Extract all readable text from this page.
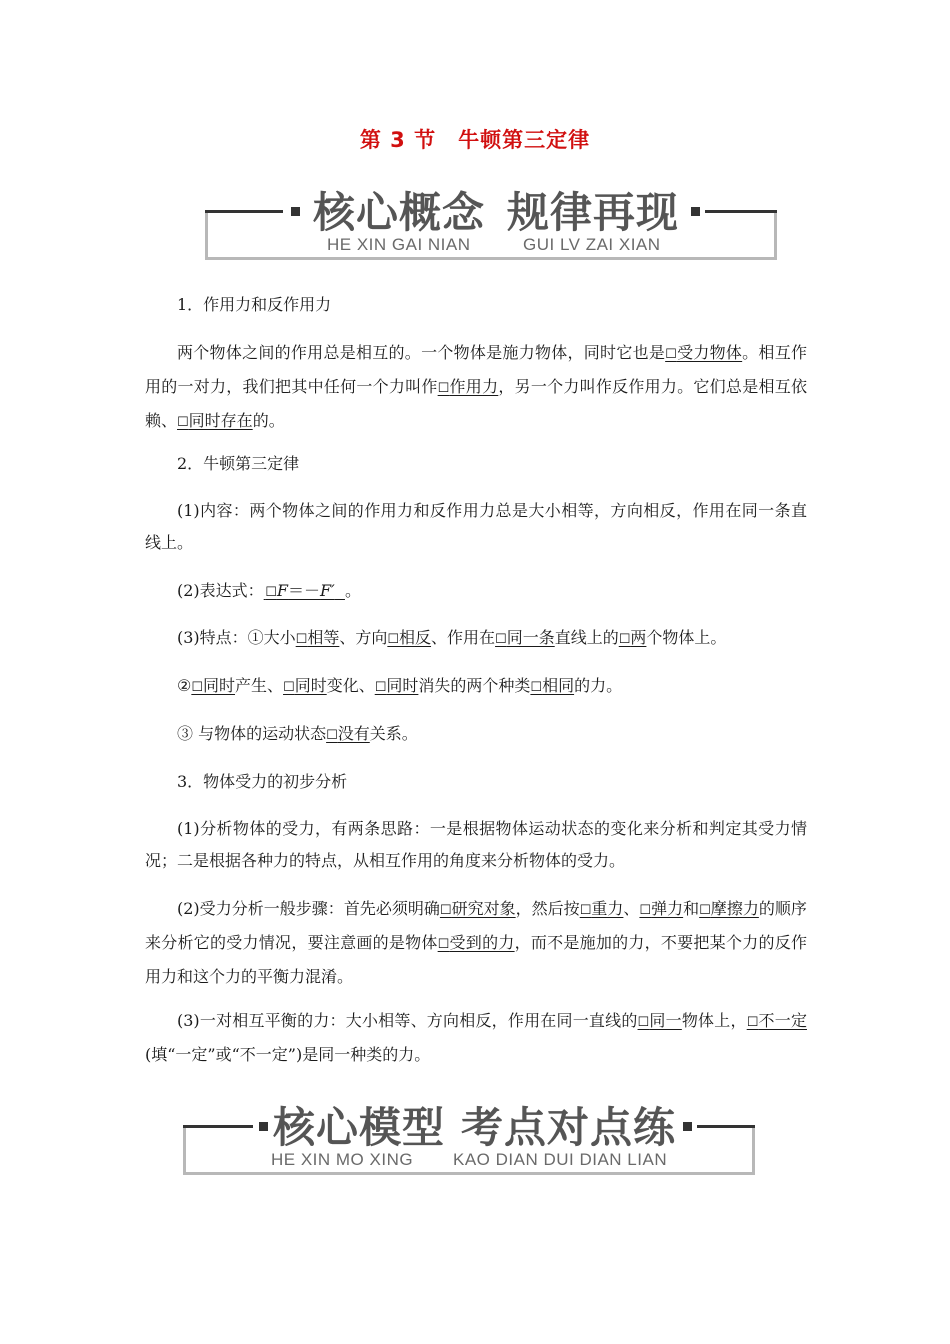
第 3 节　牛顿第三定律
核心概念 规律再现
HE XIN GAI NIAN	GUI LV ZAI XIAN

1．作用力和反作用力

两个物体之间的作用总是相互的。一个物体是施力物体，同时它也是☐受力物体。相互作用的一对力，我们把其中任何一个力叫作☐作用力，另一个力叫作反作用力。它们总是相互依赖、☐同时存在的。

2．牛顿第三定律

(1)内容：两个物体之间的作用力和反作用力总是大小相等，方向相反，作用在同一条直线上。

(2)表达式：  ☐F＝－F′ 。

(3)特点：①大小☐相等、方向☐相反、作用在☐同一条直线上的☐两个物体上。

②☐同时产生、☐同时变化、☐同时消失的两个种类☐相同的力。

③ 与物体的运动状态☐没有关系。

3．物体受力的初步分析

(1)分析物体的受力，有两条思路：一是根据物体运动状态的变化来分析和判定其受力情况；二是根据各种力的特点，从相互作用的角度来分析物体的受力。

(2)受力分析一般步骤：首先必须明确☐研究对象，然后按☐重力、☐弹力和☐摩擦力的顺序来分析它的受力情况，要注意画的是物体☐受到的力，而不是施加的力，不要把某个力的反作用力和这个力的平衡力混淆。

(3)一对相互平衡的力：大小相等、方向相反，作用在同一直线的☐同一物体上，☐不一定(填“一定”或“不一定”)是同一种类的力。

核心模型 考点对点练
HE XIN MO XING KAO DIAN DUI DIAN LIAN
